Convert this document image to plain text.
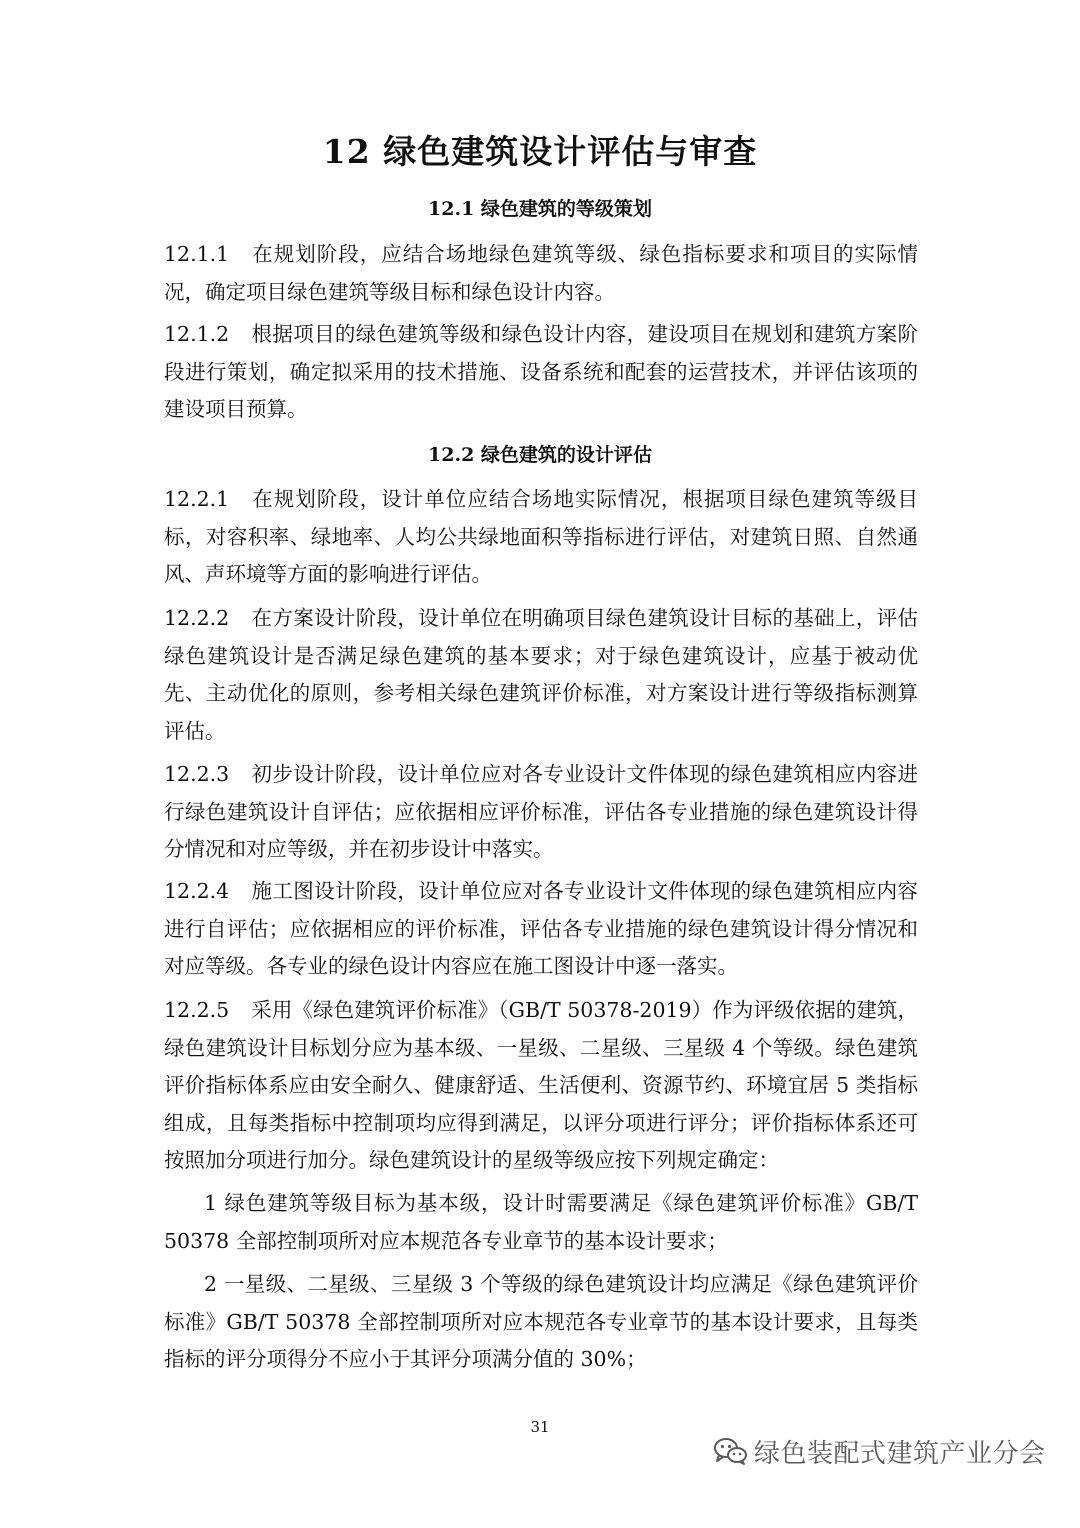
12 绿色建筑设计评估与审查
12.1 绿色建筑的等级策划
12.1.1 在规划阶段，应结合场地绿色建筑等级、绿色指标要求和项目的实际情况，确定项目绿色建筑等级目标和绿色设计内容。
12.1.2 根据项目的绿色建筑等级和绿色设计内容，建设项目在规划和建筑方案阶段进行策划，确定拟采用的技术措施、设备系统和配套的运营技术，并评估该项的建设项目预算。
12.2 绿色建筑的设计评估
12.2.1 在规划阶段，设计单位应结合场地实际情况，根据项目绿色建筑等级目标，对容积率、绿地率、人均公共绿地面积等指标进行评估，对建筑日照、自然通风、声环境等方面的影响进行评估。
12.2.2 在方案设计阶段，设计单位在明确项目绿色建筑设计目标的基础上，评估绿色建筑设计是否满足绿色建筑的基本要求；对于绿色建筑设计，应基于被动优先、主动优化的原则，参考相关绿色建筑评价标准，对方案设计进行等级指标测算评估。
12.2.3 初步设计阶段，设计单位应对各专业设计文件体现的绿色建筑相应内容进行绿色建筑设计自评估；应依据相应评价标准，评估各专业措施的绿色建筑设计得分情况和对应等级，并在初步设计中落实。
12.2.4 施工图设计阶段，设计单位应对各专业设计文件体现的绿色建筑相应内容进行自评估；应依据相应的评价标准，评估各专业措施的绿色建筑设计得分情况和对应等级。各专业的绿色设计内容应在施工图设计中逐一落实。
12.2.5 采用《绿色建筑评价标准》（GB/T 50378-2019）作为评级依据的建筑，绿色建筑设计目标划分应为基本级、一星级、二星级、三星级 4 个等级。绿色建筑评价指标体系应由安全耐久、健康舒适、生活便利、资源节约、环境宜居 5 类指标组成，且每类指标中控制项均应得到满足，以评分项进行评分；评价指标体系还可按照加分项进行加分。绿色建筑设计的星级等级应按下列规定确定：
1 绿色建筑等级目标为基本级，设计时需要满足《绿色建筑评价标准》GB/T 50378 全部控制项所对应本规范各专业章节的基本设计要求；
2 一星级、二星级、三星级 3 个等级的绿色建筑设计均应满足《绿色建筑评价标准》GB/T 50378 全部控制项所对应本规范各专业章节的基本设计要求，且每类指标的评分项得分不应小于其评分项满分值的 30%；
31
绿色装配式建筑产业分会
